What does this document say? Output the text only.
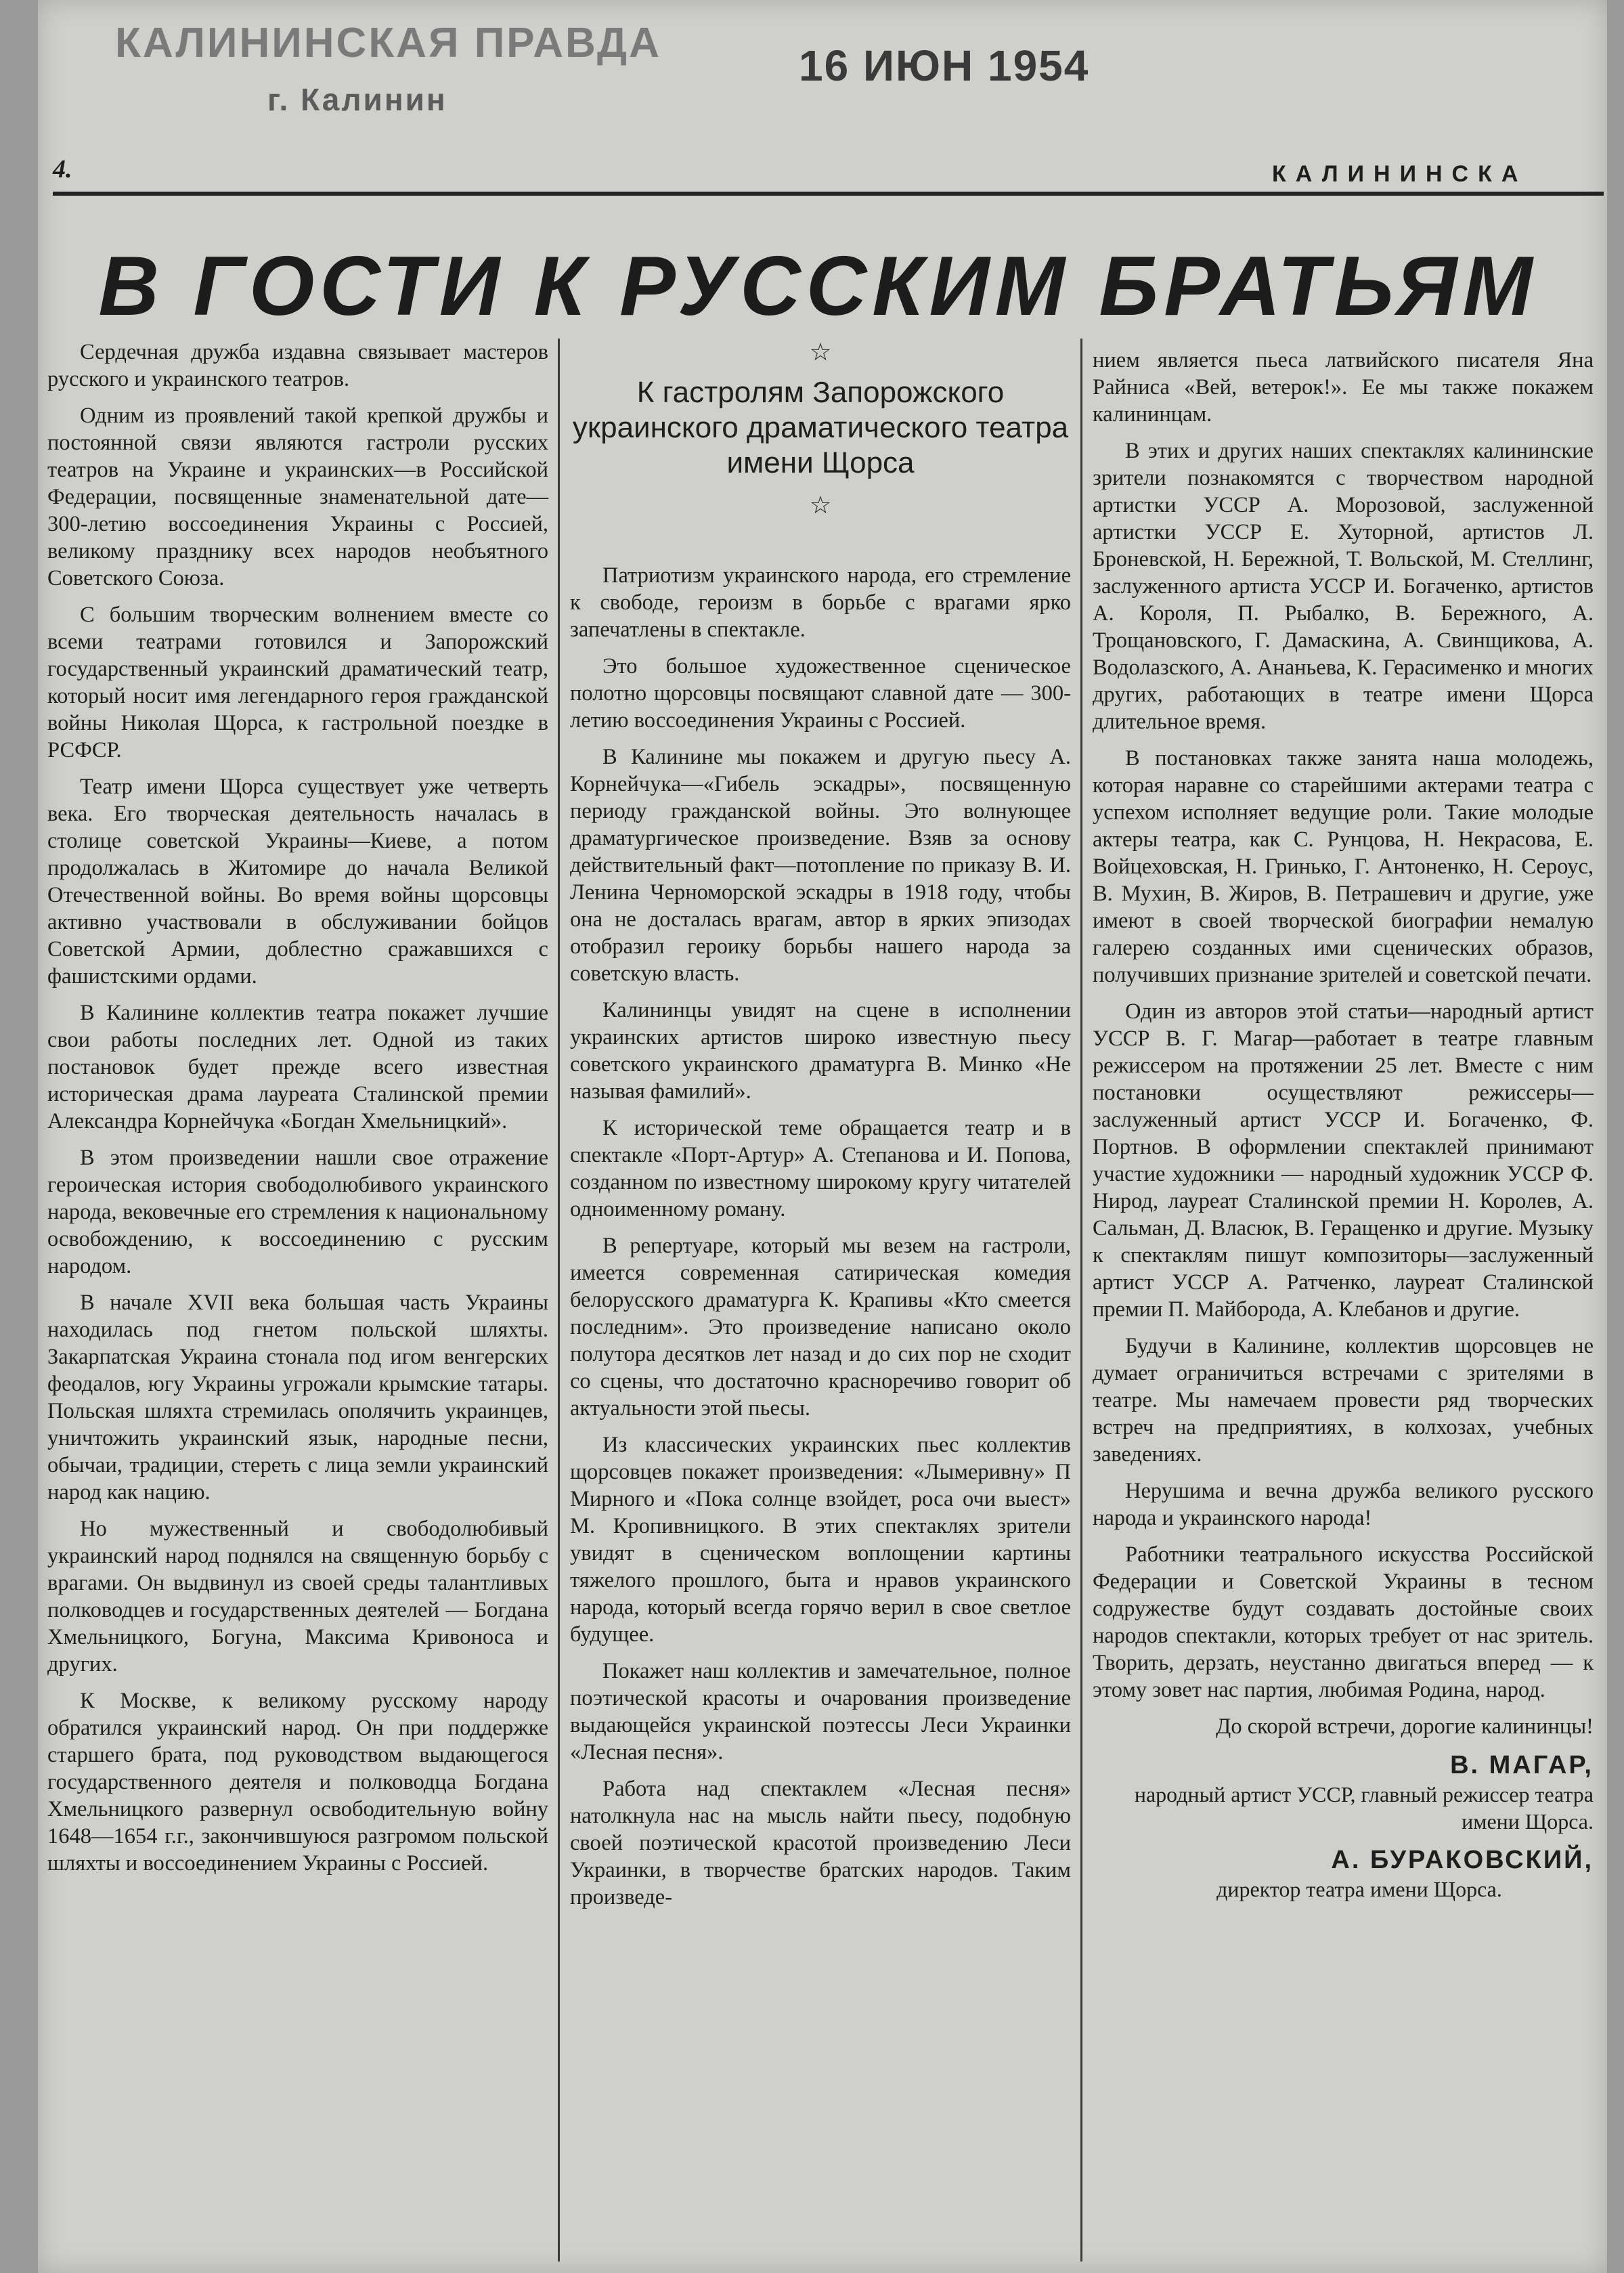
КАЛИНИНСКАЯ ПРАВДА
г. Калинин
16 ИЮН 1954
4.	КАЛИНИНСКА
В ГОСТИ К РУССКИМ БРАТЬЯМ

Сердечная дружба издавна связывает мастеров русского и украинского театров.

Одним из проявлений такой крепкой дружбы и постоянной связи являются гастроли русских театров на Украине и украинских—в Российской Федерации, посвященные знаменательной дате—300-летию воссоединения Украины с Россией, великому празднику всех народов необъятного Советского Союза.

С большим творческим волнением вместе со всеми театрами готовился и Запорожский государственный украинский драматический театр, который носит имя легендарного героя гражданской войны Николая Щорса, к гастрольной поездке в РСФСР.

Театр имени Щорса существует уже четверть века. Его творческая деятельность началась в столице советской Украины—Киеве, а потом продолжалась в Житомире до начала Великой Отечественной войны. Во время войны щорсовцы активно участвовали в обслуживании бойцов Советской Армии, доблестно сражавшихся с фашистскими ордами.

В Калинине коллектив театра покажет лучшие свои работы последних лет. Одной из таких постановок будет прежде всего известная историческая драма лауреата Сталинской премии Александра Корнейчука «Богдан Хмельницкий».

В этом произведении нашли свое отражение героическая история свободолюбивого украинского народа, вековечные его стремления к национальному освобождению, к воссоединению с русским народом.

В начале XVII века большая часть Украины находилась под гнетом польской шляхты. Закарпатская Украина стонала под игом венгерских феодалов, югу Украины угрожали крымские татары. Польская шляхта стремилась ополячить украинцев, уничтожить украинский язык, народные песни, обычаи, традиции, стереть с лица земли украинский народ как нацию.

Но мужественный и свободолюбивый украинский народ поднялся на священную борьбу с врагами. Он выдвинул из своей среды талантливых полководцев и государственных деятелей — Богдана Хмельницкого, Богуна, Максима Кривоноса и других.

К Москве, к великому русскому народу обратился украинский народ. Он при поддержке старшего брата, под руководством выдающегося государственного деятеля и полководца Богдана Хмельницкого развернул освободительную войну 1648—1654 г.г., закончившуюся разгромом польской шляхты и воссоединением Украины с Россией.

☆
К гастролям Запорожского украинского драматического театра имени Щорса
☆

Патриотизм украинского народа, его стремление к свободе, героизм в борьбе с врагами ярко запечатлены в спектакле.

Это большое художественное сценическое полотно щорсовцы посвящают славной дате — 300-летию воссоединения Украины с Россией.

В Калинине мы покажем и другую пьесу А. Корнейчука—«Гибель эскадры», посвященную периоду гражданской войны. Это волнующее драматургическое произведение. Взяв за основу действительный факт—потопление по приказу В. И. Ленина Черноморской эскадры в 1918 году, чтобы она не досталась врагам, автор в ярких эпизодах отобразил героику борьбы нашего народа за советскую власть.

Калининцы увидят на сцене в исполнении украинских артистов широко известную пьесу советского украинского драматурга В. Минко «Не называя фамилий».

К исторической теме обращается театр и в спектакле «Порт-Артур» А. Степанова и И. Попова, созданном по известному широкому кругу читателей одноименному роману.

В репертуаре, который мы везем на гастроли, имеется современная сатирическая комедия белорусского драматурга К. Крапивы «Кто смеется последним». Это произведение написано около полутора десятков лет назад и до сих пор не сходит со сцены, что достаточно красноречиво говорит об актуальности этой пьесы.

Из классических украинских пьес коллектив щорсовцев покажет произведения: «Лымеривну» П Мирного и «Пока солнце взойдет, роса очи выест» М. Кропивницкого. В этих спектаклях зрители увидят в сценическом воплощении картины тяжелого прошлого, быта и нравов украинского народа, который всегда горячо верил в свое светлое будущее.

Покажет наш коллектив и замечательное, полное поэтической красоты и очарования произведение выдающейся украинской поэтессы Леси Украинки «Лесная песня».

Работа над спектаклем «Лесная песня» натолкнула нас на мысль найти пьесу, подобную своей поэтической красотой произведению Леси Украинки, в творчестве братских народов. Таким произведе-

нием является пьеса латвийского писателя Яна Райниса «Вей, ветерок!». Ее мы также покажем калининцам.

В этих и других наших спектаклях калининские зрители познакомятся с творчеством народной артистки УССР А. Морозовой, заслуженной артистки УССР Е. Хуторной, артистов Л. Броневской, Н. Бережной, Т. Вольской, М. Стеллинг, заслуженного артиста УССР И. Богаченко, артистов А. Короля, П. Рыбалко, В. Бережного, А. Трощановского, Г. Дамаскина, А. Свинщикова, А. Водолазского, А. Ананьева, К. Герасименко и многих других, работающих в театре имени Щорса длительное время.

В постановках также занята наша молодежь, которая наравне со старейшими актерами театра с успехом исполняет ведущие роли. Такие молодые актеры театра, как С. Рунцова, Н. Некрасова, Е. Войцеховская, Н. Гринько, Г. Антоненко, Н. Сероус, В. Мухин, В. Жиров, В. Петрашевич и другие, уже имеют в своей творческой биографии немалую галерею созданных ими сценических образов, получивших признание зрителей и советской печати.

Один из авторов этой статьи—народный артист УССР В. Г. Магар—работает в театре главным режиссером на протяжении 25 лет. Вместе с ним постановки осуществляют режиссеры—заслуженный артист УССР И. Богаченко, Ф. Портнов. В оформлении спектаклей принимают участие художники — народный художник УССР Ф. Нирод, лауреат Сталинской премии Н. Королев, А. Сальман, Д. Власюк, В. Геращенко и другие. Музыку к спектаклям пишут композиторы—заслуженный артист УССР А. Ратченко, лауреат Сталинской премии П. Майборода, А. Клебанов и другие.

Будучи в Калинине, коллектив щорсовцев не думает ограничиться встречами с зрителями в театре. Мы намечаем провести ряд творческих встреч на предприятиях, в колхозах, учебных заведениях.

Нерушима и вечна дружба великого русского народа и украинского народа!

Работники театрального искусства Российской Федерации и Советской Украины в тесном содружестве будут создавать достойные своих народов спектакли, которых требует от нас зритель. Творить, дерзать, неустанно двигаться вперед — к этому зовет нас партия, любимая Родина, народ.

До скорой встречи, дорогие калининцы!

В. МАГАР,

народный артист УССР, главный режиссер театра имени Щорса.

А. БУРАКОВСКИЙ,

директор театра имени Щорса.
